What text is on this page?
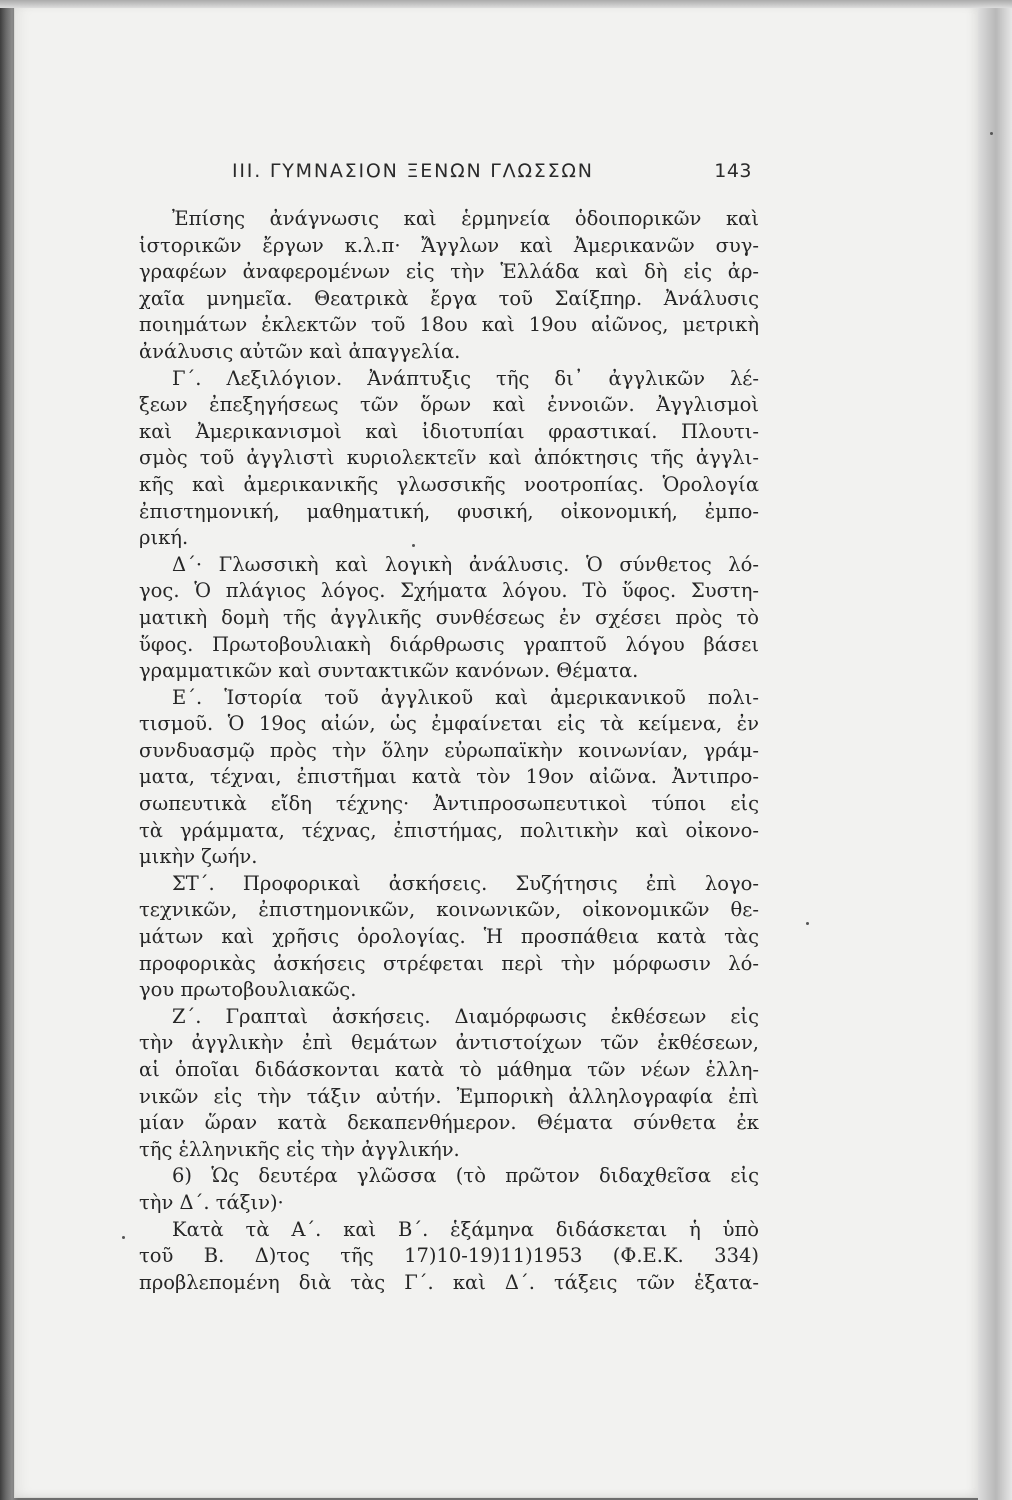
III. ΓΥΜΝΑΣΙΟΝ ΞΕΝΩΝ ΓΛΩΣΣΩΝ	143
Ἐπίσης ἀνάγνωσις καὶ ἑρμηνεία ὁδοιπορικῶν καὶ
ἱστορικῶν ἔργων κ.λ.π· Ἄγγλων καὶ Ἀμερικανῶν συγ-
γραφέων ἀναφερομένων εἰς τὴν Ἑλλάδα καὶ δὴ εἰς ἀρ-
χαῖα μνημεῖα. Θεατρικὰ ἔργα τοῦ Σαίξπηρ. Ἀνάλυσις
ποιημάτων ἐκλεκτῶν τοῦ 18ου καὶ 19ου αἰῶνος, μετρικὴ
ἀνάλυσις αὐτῶν καὶ ἀπαγγελία.
Γ΄. Λεξιλόγιον. Ἀνάπτυξις τῆς δι᾿ ἀγγλικῶν λέ-
ξεων ἐπεξηγήσεως τῶν ὅρων καὶ ἐννοιῶν. Ἀγγλισμοὶ
καὶ Ἀμερικανισμοὶ καὶ ἰδιοτυπίαι φραστικαί. Πλουτι-
σμὸς τοῦ ἀγγλιστὶ κυριολεκτεῖν καὶ ἀπόκτησις τῆς ἀγγλι-
κῆς καὶ ἀμερικανικῆς γλωσσικῆς νοοτροπίας. Ὁρολογία
ἐπιστημονική, μαθηματική, φυσική, οἰκονομική, ἐμπο-
ρική.
Δ΄· Γλωσσικὴ καὶ λογικὴ ἀνάλυσις. Ὁ σύνθετος λό-
γος. Ὁ πλάγιος λόγος. Σχήματα λόγου. Τὸ ὕφος. Συστη-
ματικὴ δομὴ τῆς ἀγγλικῆς συνθέσεως ἐν σχέσει πρὸς τὸ
ὕφος. Πρωτοβουλιακὴ διάρθρωσις γραπτοῦ λόγου βάσει
γραμματικῶν καὶ συντακτικῶν κανόνων. Θέματα.
Ε΄. Ἱστορία τοῦ ἀγγλικοῦ καὶ ἀμερικανικοῦ πολι-
τισμοῦ. Ὁ 19ος αἰών, ὡς ἐμφαίνεται εἰς τὰ κείμενα, ἐν
συνδυασμῷ πρὸς τὴν ὅλην εὐρωπαϊκὴν κοινωνίαν, γράμ-
ματα, τέχναι, ἐπιστῆμαι κατὰ τὸν 19ον αἰῶνα. Ἀντιπρο-
σωπευτικὰ εἴδη τέχνης· Ἀντιπροσωπευτικοὶ τύποι εἰς
τὰ γράμματα, τέχνας, ἐπιστήμας, πολιτικὴν καὶ οἰκονο-
μικὴν ζωήν.
ΣΤ΄. Προφορικαὶ ἀσκήσεις. Συζήτησις ἐπὶ λογο-
τεχνικῶν, ἐπιστημονικῶν, κοινωνικῶν, οἰκονομικῶν θε-
μάτων καὶ χρῆσις ὁρολογίας. Ἡ προσπάθεια κατὰ τὰς
προφορικὰς ἀσκήσεις στρέφεται περὶ τὴν μόρφωσιν λό-
γου πρωτοβουλιακῶς.
Ζ΄. Γραπταὶ ἀσκήσεις. Διαμόρφωσις ἐκθέσεων εἰς
τὴν ἀγγλικὴν ἐπὶ θεμάτων ἀντιστοίχων τῶν ἐκθέσεων,
αἱ ὁποῖαι διδάσκονται κατὰ τὸ μάθημα τῶν νέων ἑλλη-
νικῶν εἰς τὴν τάξιν αὐτήν. Ἐμπορικὴ ἀλληλογραφία ἐπὶ
μίαν ὥραν κατὰ δεκαπενθήμερον. Θέματα σύνθετα ἐκ
τῆς ἑλληνικῆς εἰς τὴν ἀγγλικήν.
6) Ὡς δευτέρα γλῶσσα (τὸ πρῶτον διδαχθεῖσα εἰς
τὴν Δ΄. τάξιν)·
Κατὰ τὰ Α΄. καὶ Β΄. ἑξάμηνα διδάσκεται ἡ ὑπὸ
τοῦ Β. Δ)τος τῆς 17)10-19)11)1953 (Φ.Ε.Κ. 334)
προβλεπομένη διὰ τὰς Γ΄. καὶ Δ΄. τάξεις τῶν ἑξατα-
